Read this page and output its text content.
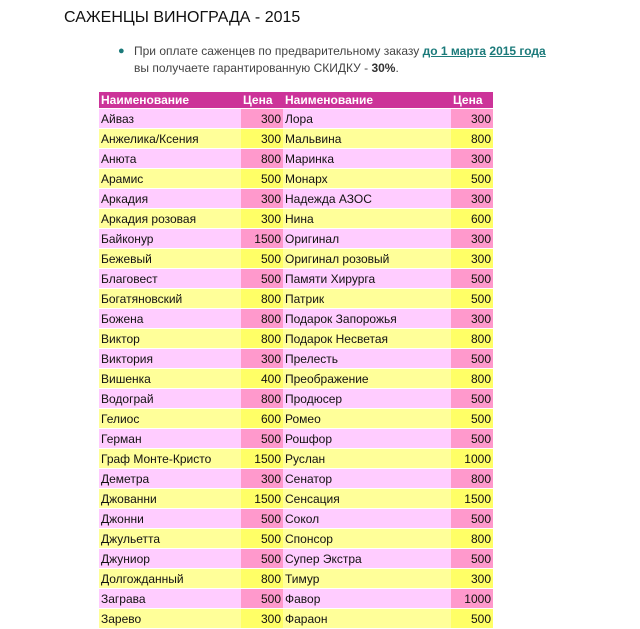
САЖЕНЦЫ ВИНОГРАДА - 2015
● При оплате саженцев по предварительному заказу до 1 марта 2015 года вы получаете гарантированную СКИДКУ - 30%.
Наименование	Цена	Наименование	Цена
Айваз	300	Лора	300
Анжелика/Ксения	300	Мальвина	800
Анюта	800	Маринка	300
Арамис	500	Монарх	500
Аркадия	300	Надежда АЗОС	300
Аркадия розовая	300	Нина	600
Байконур	1500	Оригинал	300
Бежевый	500	Оригинал розовый	300
Благовест	500	Памяти Хирурга	500
Богатяновский	800	Патрик	500
Божена	800	Подарок Запорожья	300
Виктор	800	Подарок Несветая	800
Виктория	300	Прелесть	500
Вишенка	400	Преображение	800
Водограй	800	Продюсер	500
Гелиос	600	Ромео	500
Герман	500	Рошфор	500
Граф Монте-Кристо	1500	Руслан	1000
Деметра	300	Сенатор	800
Джованни	1500	Сенсация	1500
Джонни	500	Сокол	500
Джульетта	500	Спонсор	800
Джуниор	500	Супер Экстра	500
Долгожданный	800	Тимур	300
Заграва	500	Фавор	1000
Зарево	300	Фараон	500
